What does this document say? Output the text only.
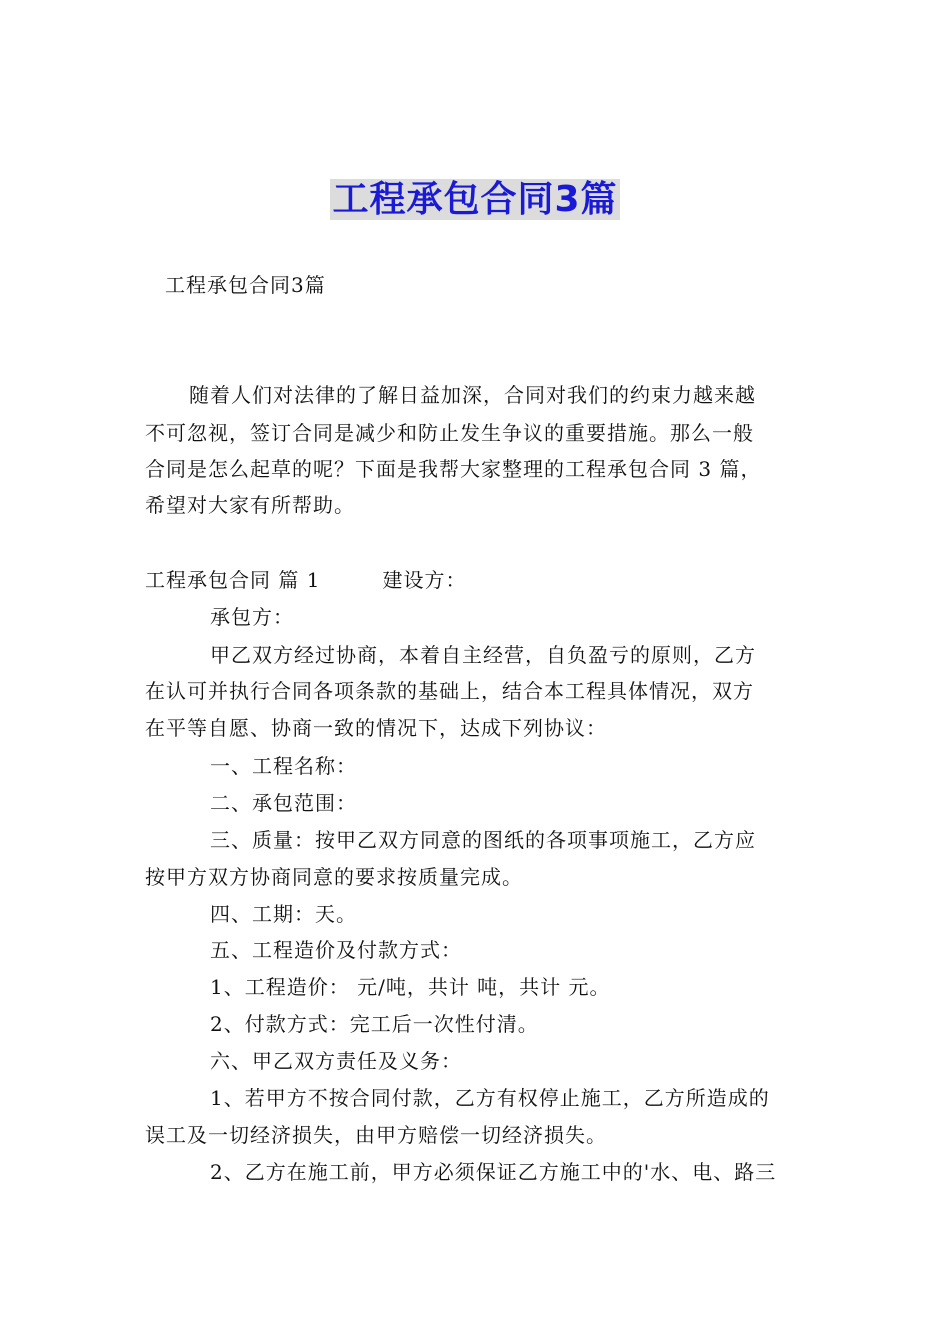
工程承包合同3篇

工程承包合同3篇

随着人们对法律的了解日益加深，合同对我们的约束力越来越

不可忽视，签订合同是减少和防止发生争议的重要措施。那么一般

合同是怎么起草的呢？下面是我帮大家整理的工程承包合同 3 篇，

希望对大家有所帮助。

工程承包合同 篇 1	建设方：

承包方：

甲乙双方经过协商，本着自主经营，自负盈亏的原则，乙方

在认可并执行合同各项条款的基础上，结合本工程具体情况，双方

在平等自愿、协商一致的情况下，达成下列协议：

一、工程名称：

二、承包范围：

三、质量：按甲乙双方同意的图纸的各项事项施工，乙方应

按甲方双方协商同意的要求按质量完成。

四、工期：天。

五、工程造价及付款方式：

1、工程造价： 元/吨，共计 吨，共计 元。

2、付款方式：完工后一次性付清。

六、甲乙双方责任及义务：

1、若甲方不按合同付款，乙方有权停止施工，乙方所造成的

误工及一切经济损失，由甲方赔偿一切经济损失。

2、乙方在施工前，甲方必须保证乙方施工中的'水、电、路三
